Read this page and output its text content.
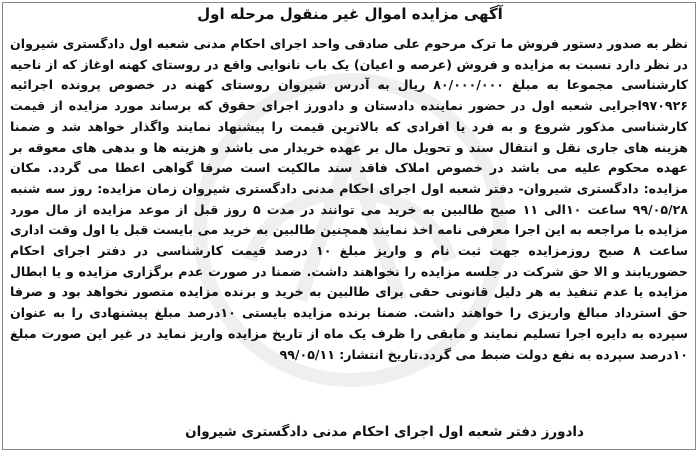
آگهی مزایده اموال غیر منقول مرحله اول
نظر به صدور دستور فروش ما ترک مرحوم علی صادقی واحد اجرای احکام مدنی شعبه اول دادگستری شیروان در نظر دارد نسبت به مزایده و فروش (عرصه و اعیان) یک باب نانوایی واقع در روستای کهنه اوغاز که از ناحیه کارشناسی مجموعا به مبلغ ۸۰/۰۰۰/۰۰۰ ریال به آدرس شیروان روستای کهنه در خصوص پرونده اجرائیه ۹۷۰۹۲۶اجرایی شعبه اول در حضور نماینده دادستان و دادورز اجرای حقوق که برساند مورد مزایده از قیمت کارشناسی مذکور شروع و به فرد یا افرادی که بالاترین قیمت را پیشنهاد نمایند واگذار خواهد شد و ضمنا هزینه های جاری نقل و انتقال سند و تحویل مال بر عهده خریدار می باشد و هزینه ها و بدهی های معوقه بر عهده محکوم علیه می باشد در خصوص املاک فاقد سند مالکیت است صرفا گواهی اعطا می گردد. مکان مزایده: دادگستری شیروان- دفتر شعبه اول اجرای احکام مدنی دادگستری شیروان زمان مزایده: روز سه شنبه ۹۹/۰۵/۲۸ ساعت ۱۰الی ۱۱ صبح طالبین به خرید می توانند در مدت ۵ روز قبل از موعد مزایده از مال مورد مزایده با مراجعه به این اجرا معرفی نامه اخذ نمایند همچنین طالبین به خرید می بایست قبل یا اول وقت اداری ساعت ۸ صبح روزمزایده جهت ثبت نام و واریز مبلغ ۱۰ درصد قیمت کارشناسی در دفتر اجرای احکام حضوریابند و الا حق شرکت در جلسه مزایده را نخواهند داشت. ضمنا در صورت عدم برگزاری مزایده و یا ابطال مزایده یا عدم تنفیذ به هر دلیل قانونی حقی برای طالبین به خرید و برنده مزایده متصور نخواهد بود و صرفا حق استرداد مبالغ واریزی را خواهند داشت. ضمنا برنده مزایده بایستی ۱۰درصد مبلغ پیشنهادی را به عنوان سپرده به دایره اجرا تسلیم نمایند و مابقی را ظرف یک ماه از تاریخ مزایده واریز نماید در غیر این صورت مبلغ ۱۰درصد سپرده به نفع دولت ضبط می گردد.تاریخ انتشار: ۹۹/۰۵/۱۱
دادورز دفتر شعبه اول اجرای احکام مدنی دادگستری شیروان
